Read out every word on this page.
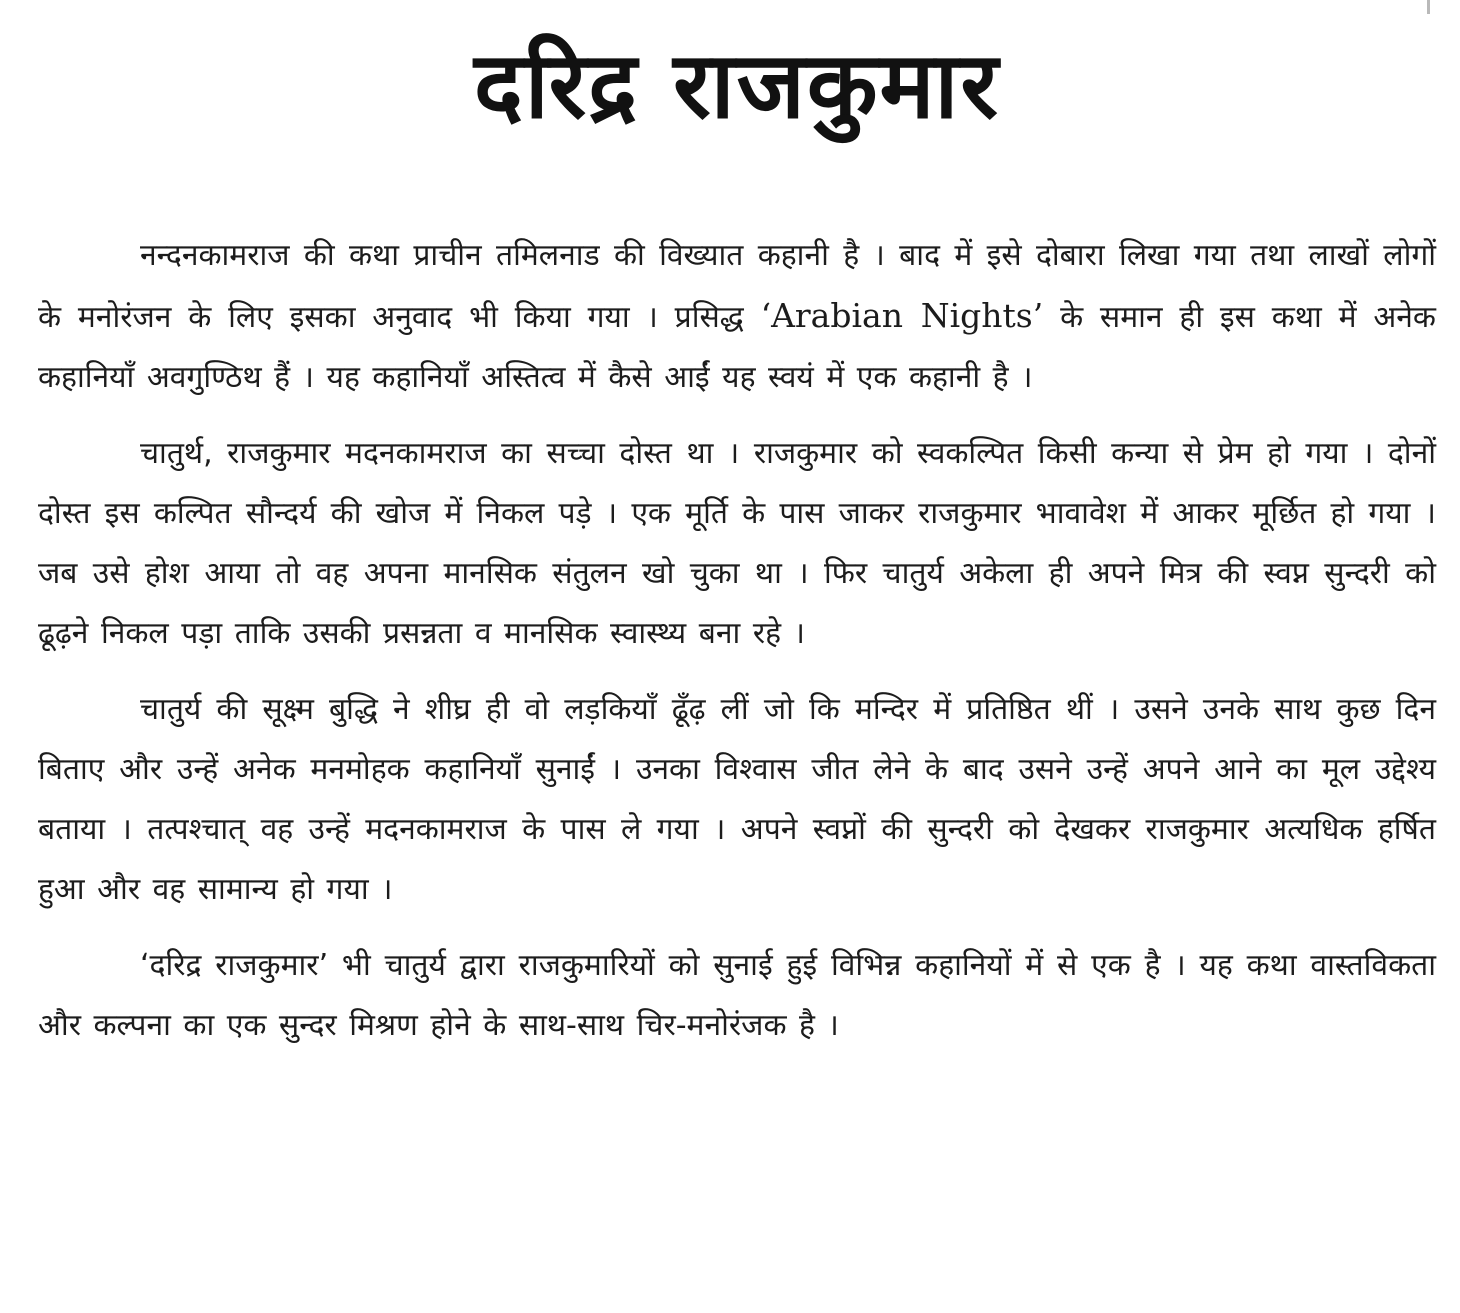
दरिद्र राजकुमार

नन्दनकामराज की कथा प्राचीन तमिलनाड की विख्यात कहानी है । बाद में इसे दोबारा लिखा गया तथा लाखों लोगों के मनोरंजन के लिए इसका अनुवाद भी किया गया । प्रसिद्ध ‘Arabian Nights’ के समान ही इस कथा में अनेक कहानियाँ अवगुण्ठिथ हैं । यह कहानियाँ अस्तित्व में कैसे आईं यह स्वयं में एक कहानी है ।

चातुर्थ, राजकुमार मदनकामराज का सच्चा दोस्त था । राजकुमार को स्वकल्पित किसी कन्या से प्रेम हो गया । दोनों दोस्त इस कल्पित सौन्दर्य की खोज में निकल पड़े । एक मूर्ति के पास जाकर राजकुमार भावावेश में आकर मूर्छित हो गया । जब उसे होश आया तो वह अपना मानसिक संतुलन खो चुका था । फिर चातुर्य अकेला ही अपने मित्र की स्वप्न सुन्दरी को ढूढ़ने निकल पड़ा ताकि उसकी प्रसन्नता व मानसिक स्वास्थ्य बना रहे ।

चातुर्य की सूक्ष्म बुद्धि ने शीघ्र ही वो लड़कियाँ ढूँढ़ लीं जो कि मन्दिर में प्रतिष्ठित थीं । उसने उनके साथ कुछ दिन बिताए और उन्हें अनेक मनमोहक कहानियाँ सुनाईं । उनका विश्वास जीत लेने के बाद उसने उन्हें अपने आने का मूल उद्देश्य बताया । तत्पश्चात् वह उन्हें मदनकामराज के पास ले गया । अपने स्वप्नों की सुन्दरी को देखकर राजकुमार अत्यधिक हर्षित हुआ और वह सामान्य हो गया ।

‘दरिद्र राजकुमार’ भी चातुर्य द्वारा राजकुमारियों को सुनाई हुई विभिन्न कहानियों में से एक है । यह कथा वास्तविकता और कल्पना का एक सुन्दर मिश्रण होने के साथ-साथ चिर-मनोरंजक है ।
